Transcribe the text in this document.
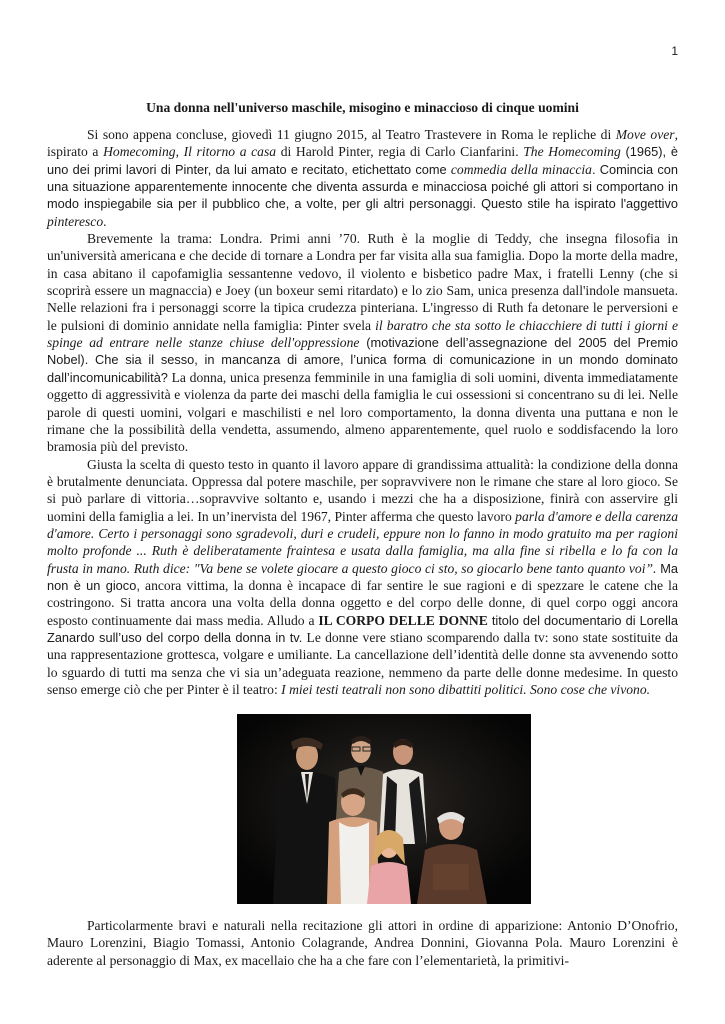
1
Una donna nell'universo maschile, misogino e minaccioso di cinque uomini

Si sono appena concluse, giovedì 11 giugno 2015, al Teatro Trastevere in Roma le repliche di Move over, ispirato a Homecoming, Il ritorno a casa di Harold Pinter, regia di Carlo Cianfarini. The Homecoming (1965), è uno dei primi lavori di Pinter, da lui amato e recitato, etichettato come commedia della minaccia. Comincia con una situazione apparentemente innocente che diventa assurda e minacciosa poiché gli attori si comportano in modo inspiegabile sia per il pubblico che, a volte, per gli altri personaggi. Questo stile ha ispirato l'aggettivo pinteresco.

Brevemente la trama: Londra. Primi anni ’70. Ruth è la moglie di Teddy, che insegna filosofia in un'università americana e che decide di tornare a Londra per far visita alla sua famiglia. Dopo la morte della madre, in casa abitano il capofamiglia sessantenne vedovo, il violento e bisbetico padre Max, i fratelli Lenny (che si scoprirà essere un magnaccia) e Joey (un boxeur semi ritardato) e lo zio Sam, unica presenza dall'indole mansueta. Nelle relazioni fra i personaggi scorre la tipica crudezza pinteriana. L'ingresso di Ruth fa detonare le perversioni e le pulsioni di dominio annidate nella famiglia: Pinter svela il baratro che sta sotto le chiacchiere di tutti i giorni e spinge ad entrare nelle stanze chiuse dell'oppressione (motivazione dell’assegnazione del 2005 del Premio Nobel). Che sia il sesso, in mancanza di amore, l’unica forma di comunicazione in un mondo dominato dall’incomunicabilità? La donna, unica presenza femminile in una famiglia di soli uomini, diventa immediatamente oggetto di aggressività e violenza da parte dei maschi della famiglia le cui ossessioni si concentrano su di lei. Nelle parole di questi uomini, volgari e maschilisti e nel loro comportamento, la donna diventa una puttana e non le rimane che la possibilità della vendetta, assumendo, almeno apparentemente, quel ruolo e soddisfacendo la loro bramosia più del previsto.

Giusta la scelta di questo testo in quanto il lavoro appare di grandissima attualità: la condizione della donna è brutalmente denunciata. Oppressa dal potere maschile, per sopravvivere non le rimane che stare al loro gioco. Se si può parlare di vittoria…sopravvive soltanto e, usando i mezzi che ha a disposizione, finirà con asservire gli uomini della famiglia a lei. In un’inervista del 1967, Pinter afferma che questo lavoro parla d'amore e della carenza d'amore. Certo i personaggi sono sgradevoli, duri e crudeli, eppure non lo fanno in modo gratuito ma per ragioni molto profonde ... Ruth è deliberatamente fraintesa e usata dalla famiglia, ma alla fine si ribella e lo fa con la frusta in mano. Ruth dice: "Va bene se volete giocare a questo gioco ci sto, so giocarlo bene tanto quanto voi”. Ma non è un gioco, ancora vittima, la donna è incapace di far sentire le sue ragioni e di spezzare le catene che la costringono. Si tratta ancora una volta della donna oggetto e del corpo delle donne, di quel corpo oggi ancora esposto continuamente dai mass media. Alludo a IL CORPO DELLE DONNE titolo del documentario di Lorella Zanardo sull’uso del corpo della donna in tv. Le donne vere stiano scomparendo dalla tv: sono state sostituite da una rappresentazione grottesca, volgare e umiliante. La cancellazione dell’identità delle donne sta avvenendo sotto lo sguardo di tutti ma senza che vi sia un’adeguata reazione, nemmeno da parte delle donne medesime. In questo senso emerge ciò che per Pinter è il teatro: I miei testi teatrali non sono dibattiti politici. Sono cose che vivono.

Particolarmente bravi e naturali nella recitazione gli attori in ordine di apparizione: Antonio D’Onofrio, Mauro Lorenzini, Biagio Tomassi, Antonio Colagrande, Andrea Donnini, Giovanna Pola. Mauro Lorenzini è aderente al personaggio di Max, ex macellaio che ha a che fare con l’elementarietà, la primitivi-
